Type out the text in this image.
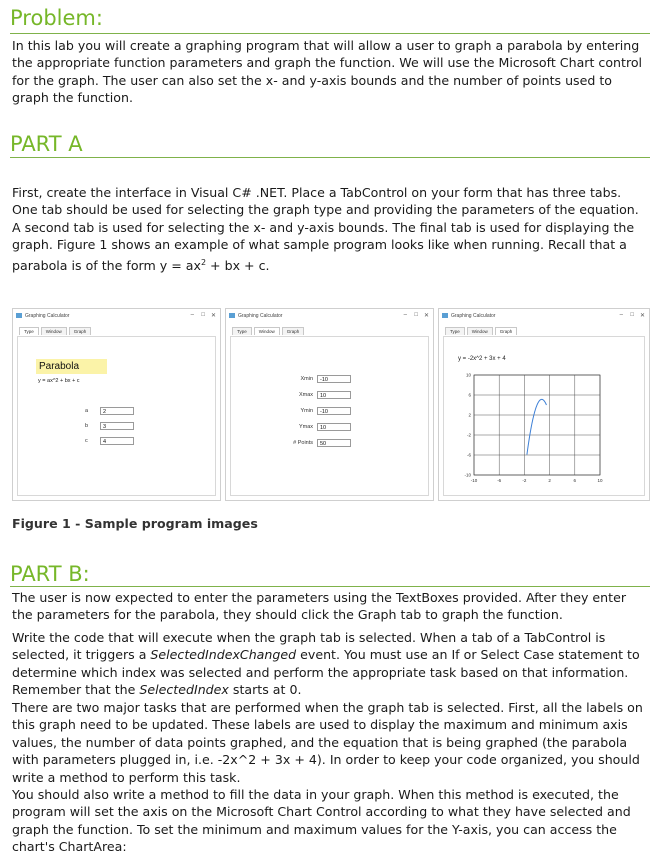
Problem:

In this lab you will create a graphing program that will allow a user to graph a parabola by entering the appropriate function parameters and graph the function. We will use the Microsoft Chart control for the graph. The user can also set the x- and y-axis bounds and the number of points used to graph the function.

PART A

First, create the interface in Visual C# .NET. Place a TabControl on your form that has three tabs. One tab should be used for selecting the graph type and providing the parameters of the equation. A second tab is used for selecting the x- and y-axis bounds. The final tab is used for displaying the graph. Figure 1 shows an example of what sample program looks like when running. Recall that a parabola is of the form $y = ax^2$ + bx + c.

Graphing Calculator	– □ ✕
Type	Window	Graph
Parabola
y = ax^2 + bx + c
a	2
b	3
c	4
Graphing Calculator	– □ ✕
Type	Window	Graph
Xmin	-10
Xmax	10
Ymin	-10
Ymax	10
# Points	50
Graphing Calculator	– □ ✕
Type	Window	Graph
y = -2x^2 + 3x + 4
-10	-6	-2	2	6	10
10
6
2
-2
-6
-10
Figure 1 - Sample program images
PART B:

The user is now expected to enter the parameters using the TextBoxes provided. After they enter the parameters for the parabola, they should click the Graph tab to graph the function.

Write the code that will execute when the graph tab is selected. When a tab of a TabControl is selected, it triggers a SelectedIndexChanged event. You must use an If or Select Case statement to determine which index was selected and perform the appropriate task based on that information. Remember that the SelectedIndex starts at 0.

There are two major tasks that are performed when the graph tab is selected. First, all the labels on this graph need to be updated. These labels are used to display the maximum and minimum axis values, the number of data points graphed, and the equation that is being graphed (the parabola with parameters plugged in, i.e. -2x^2 + 3x + 4). In order to keep your code organized, you should write a method to perform this task.

You should also write a method to fill the data in your graph. When this method is executed, the program will set the axis on the Microsoft Chart Control according to what they have selected and graph the function. To set the minimum and maximum values for the Y-axis, you can access the chart's ChartArea:
